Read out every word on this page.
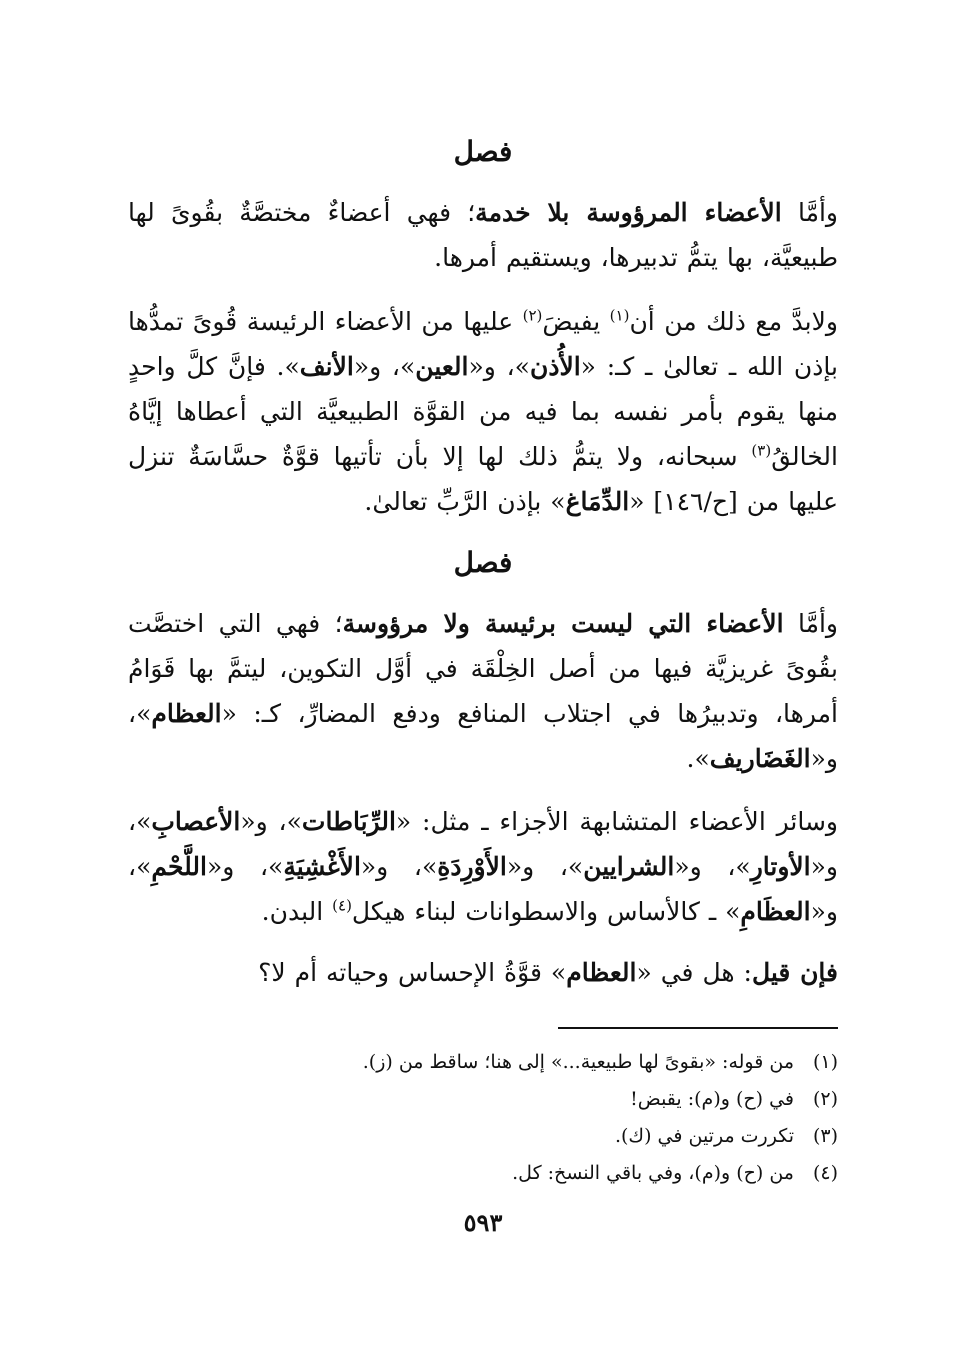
فصل

وأمَّا الأعضاء المرؤوسة بلا خدمة؛ فهي أعضاءٌ مختصَّةٌ بقُوىً لها طبيعيَّة، بها يتمُّ تدبيرها، ويستقيم أمرها.

ولابدَّ مع ذلك من أن$^{(١)}$ يفيضَ$^{(٢)}$ عليها من الأعضاء الرئيسة قُوىً تمدُّها بإذن الله ـ تعالىٰ ـ كـ: «الأُذن»، و«العين»، و«الأنف». فإنَّ كلَّ واحدٍ منها يقوم بأمر نفسه بما فيه من القوَّة الطبيعيَّة التي أعطاها إيَّاهُ الخالقُ$^{(٣)}$ سبحانه، ولا يتمُّ ذلك لها إلا بأن تأتيها قوَّةٌ حسَّاسَةٌ تنزل عليها من [ح/١٤٦] «الدِّمَاغ» بإذن الرَّبِّ تعالىٰ.

فصل

وأمَّا الأعضاء التي ليست برئيسة ولا مرؤوسة؛ فهي التي اختصَّت بقُوىً غريزيَّة فيها من أصل الخِلْقَة في أوَّل التكوين، ليتمَّ بها قَوَامُ أمرها، وتدبيرُها في اجتلاب المنافع ودفع المضارِّ، كـ: «العظام»، و«الغَضَاريف».

وسائر الأعضاء المتشابهة الأجزاء ـ مثل: «الرِّبَاطات»، و«الأعصابِ»، و«الأوتارِ»، و«الشرايين»، و«الأَوْرِدَةِ»، و«الأَغْشِيَةِ»، و«اللَّحْمِ»، و«العظَامِ» ـ كالأساس والاسطوانات لبناء هيكل$^{(٤)}$ البدن.

فإن قيل: هل في «العظام» قوَّةُ الإحساس وحياته أم لا؟

(١)
من قوله: «بقوىً لها طبيعية...» إلى هنا؛ ساقط من (ز).
(٢)
في (ح) و(م): يقبض!
(٣)
تكررت مرتين في (ك).
(٤)
من (ح) و(م)، وفي باقي النسخ: كل.
٥٩٣
